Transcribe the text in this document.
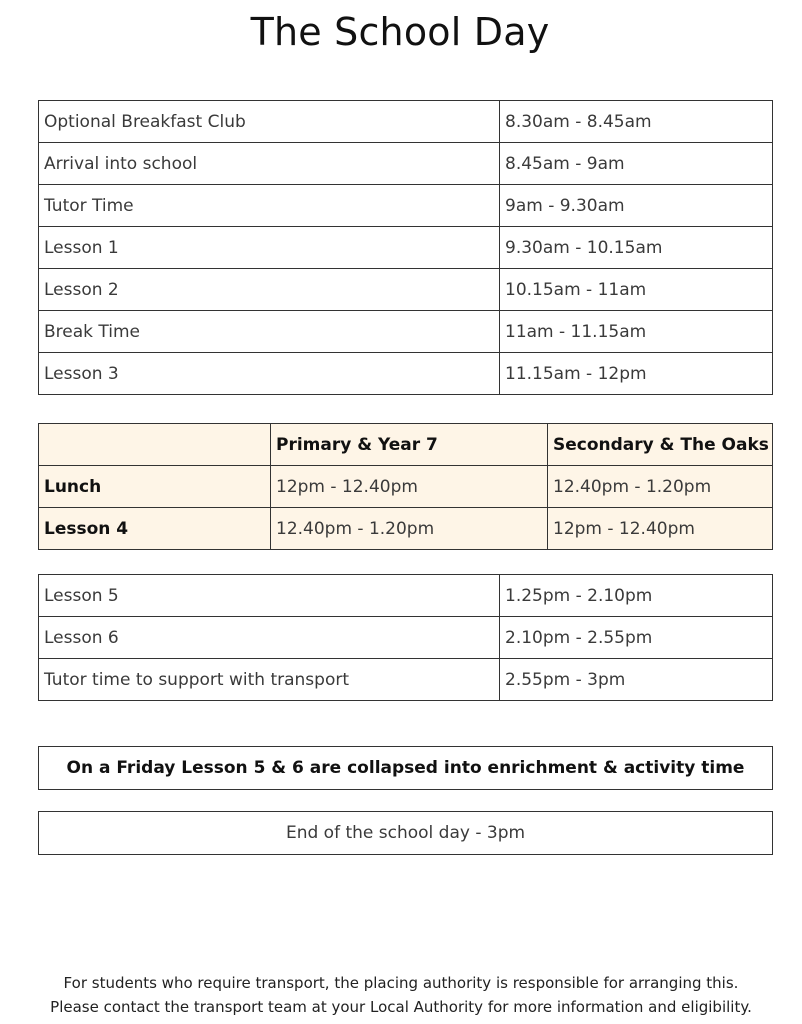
The School Day
Optional Breakfast Club	8.30am - 8.45am
Arrival into school	8.45am - 9am
Tutor Time	9am - 9.30am
Lesson 1	9.30am - 10.15am
Lesson 2	10.15am - 11am
Break Time	11am - 11.15am
Lesson 3	11.15am - 12pm
	Primary & Year 7	Secondary & The Oaks
Lunch	12pm - 12.40pm	12.40pm - 1.20pm
Lesson 4	12.40pm - 1.20pm	12pm - 12.40pm
Lesson 5	1.25pm - 2.10pm
Lesson 6	2.10pm - 2.55pm
Tutor time to support with transport	2.55pm - 3pm
On a Friday Lesson 5 & 6 are collapsed into enrichment & activity time
End of the school day - 3pm
For students who require transport, the placing authority is responsible for arranging this.
Please contact the transport team at your Local Authority for more information and eligibility.
